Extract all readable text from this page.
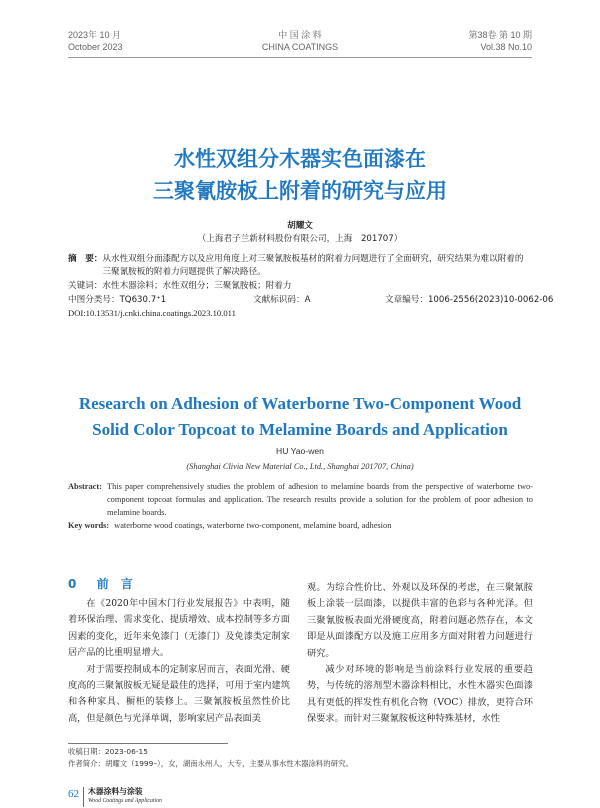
2023年 10 月
October 2023
中 国 涂 料
CHINA COATINGS
第38卷 第 10 期
Vol.38 No.10
水性双组分木器实色面漆在
三聚氰胺板上附着的研究与应用
胡耀文
（上海君子兰新材料股份有限公司，上海　201707）
摘　要： 从水性双组分面漆配方以及应用角度上对三聚氰胺板基材的附着力问题进行了全面研究，研究结果为难以附着的三聚氰胺板的附着力问题提供了解决路径。
关键词：水性木器涂料；水性双组分；三聚氰胺板；附着力
中图分类号：TQ630.7⁺1	文献标识码：A	文章编号：1006-2556(2023)10-0062-06
DOI:10.13531/j.cnki.china.coatings.2023.10.011
Research on Adhesion of Waterborne Two-Component Wood
Solid Color Topcoat to Melamine Boards and Application
HU Yao-wen
(Shanghai Clivia New Material Co., Ltd., Shanghai 201707, China)
Abstract: This paper comprehensively studies the problem of adhesion to melamine boards from the perspective of waterborne two-component topcoat formulas and application. The research results provide a solution for the problem of poor adhesion to melamine boards.
Key words: waterborne wood coatings, waterborne two-component, melamine board, adhesion
0 前　言

在《2020年中国木门行业发展报告》中表明，随着环保治理、需求变化、提质增效、成本控制等多方面因素的变化，近年来免漆门（无漆门）及免漆类定制家居产品的比重明显增大。

对于需要控制成本的定制家居而言，表面光滑、硬度高的三聚氰胺板无疑是最佳的选择，可用于室内建筑和各种家具、橱柜的装修上。三聚氰胺板虽然性价比高，但是颜色与光泽单调，影响家居产品表面美

观。为综合性价比、外观以及环保的考虑，在三聚氰胺板上涂装一层面漆，以提供丰富的色彩与各种光泽。但三聚氰胺板表面光滑硬度高，附着问题必然存在，本文即是从面漆配方以及施工应用多方面对附着力问题进行研究。

减少对环境的影响是当前涂料行业发展的重要趋势，与传统的溶剂型木器涂料相比，水性木器实色面漆具有更低的挥发性有机化合物（VOC）排放，更符合环保要求。而针对三聚氰胺板这种特殊基材，水性

收稿日期：2023-06-15
作者简介：胡耀文（1999–），女，湖南永州人，大专，主要从事水性木器涂料的研究。
62 木器涂料与涂装
Wood Coatings and Application
